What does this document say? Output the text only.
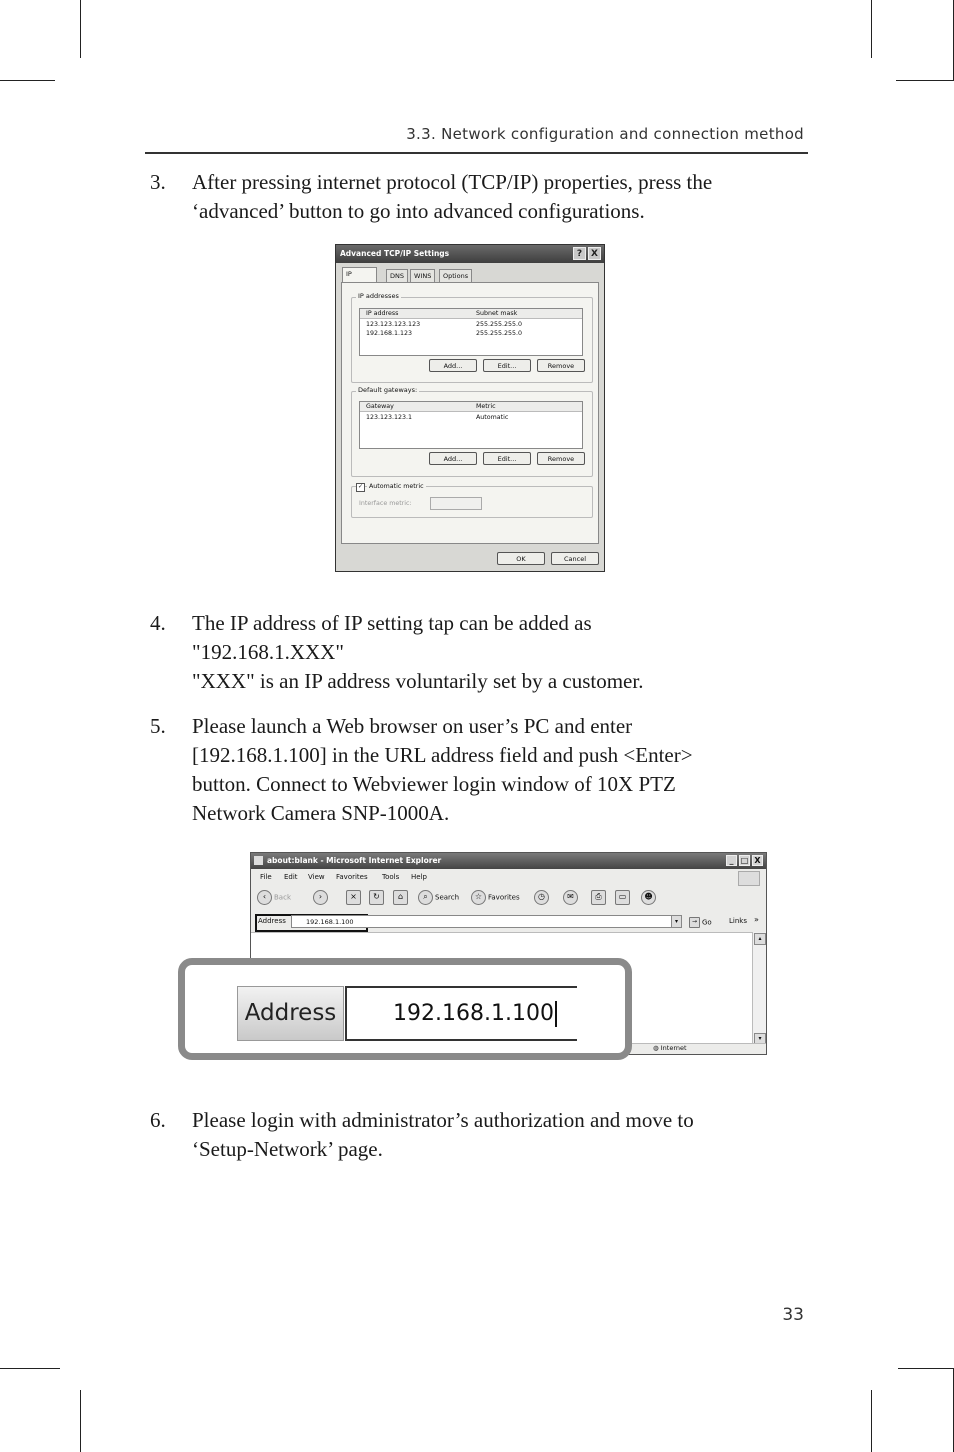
3.3. Network configuration and connection method
3.	After pressing internet protocol (TCP/IP) properties, press the
‘advanced’ button to go into advanced configurations.
Advanced TCP/IP Settings	? X
IP	DNS	WINS	Options
IP addresses
IP address	Subnet mask
123.123.123.123	255.255.255.0
192.168.1.123	255.255.255.0
Add...	Edit...	Remove
Default gateways:
Gateway	Metric
123.123.123.1	Automatic
Add...	Edit...	Remove
✓ Automatic metric
Interface metric:
OK	Cancel
4.	The IP address of IP setting tap can be added as
"192.168.1.XXX"
"XXX" is an IP address voluntarily set by a customer.
5.	Please launch a Web browser on user’s PC and enter
[192.168.1.100] in the URL address field and push <Enter>
button. Connect to Webviewer login window of 10X PTZ
Network Camera SNP-1000A.
about:blank - Microsoft Internet Explorer	_ □ X
File Edit View Favorites Tools Help
‹ Back	›	×	↻	⌂	⌕ Search	☆ Favorites	◷	✉	⎙	▭	☻
Address	192.168.1.100	▾	→ Go Links »
▴
▾
◍ Internet
Address	192.168.1.100
6.	Please login with administrator’s authorization and move to
‘Setup-Network’ page.
33
